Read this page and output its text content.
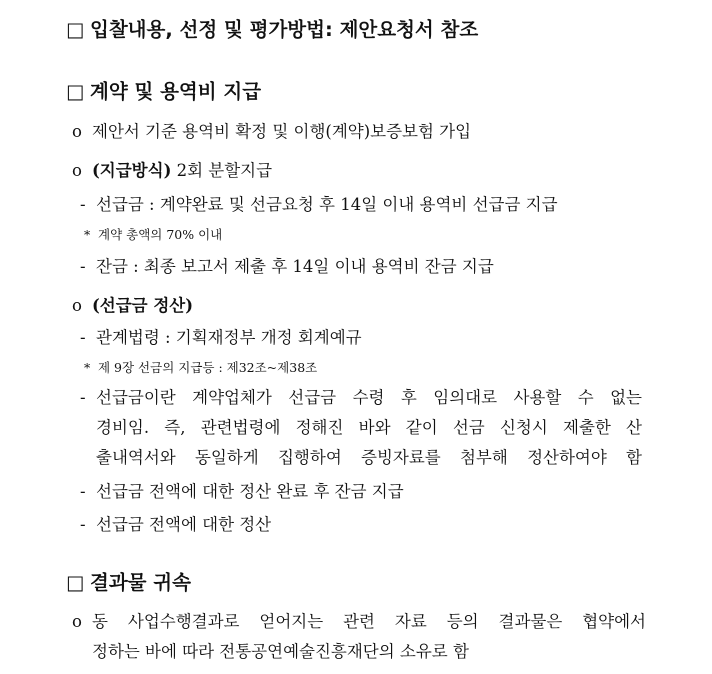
□ 입찰내용, 선정 및 평가방법: 제안요청서 참조
□ 계약 및 용역비 지급
o 제안서 기준 용역비 확정 및 이행(계약)보증보험 가입
o (지급방식) 2회 분할지급
- 선급금 : 계약완료 및 선금요청 후 14일 이내 용역비 선급금 지급
* 계약 총액의 70% 이내
- 잔금 : 최종 보고서 제출 후 14일 이내 용역비 잔금 지급
o (선급금 정산)
- 관계법령 : 기획재정부 개정 회계예규
* 제 9장 선금의 지급등 : 제32조~제38조
- 선급금이란 계약업체가 선급금 수령 후 임의대로 사용할 수 없는
경비임. 즉, 관련법령에 정해진 바와 같이 선금 신청시 제출한 산
출내역서와 동일하게 집행하여 증빙자료를 첨부해 정산하여야 함
- 선급금 전액에 대한 정산 완료 후 잔금 지급
- 선급금 전액에 대한 정산
□ 결과물 귀속
o 동 사업수행결과로 얻어지는 관련 자료 등의 결과물은 협약에서
정하는 바에 따라 전통공연예술진흥재단의 소유로 함
